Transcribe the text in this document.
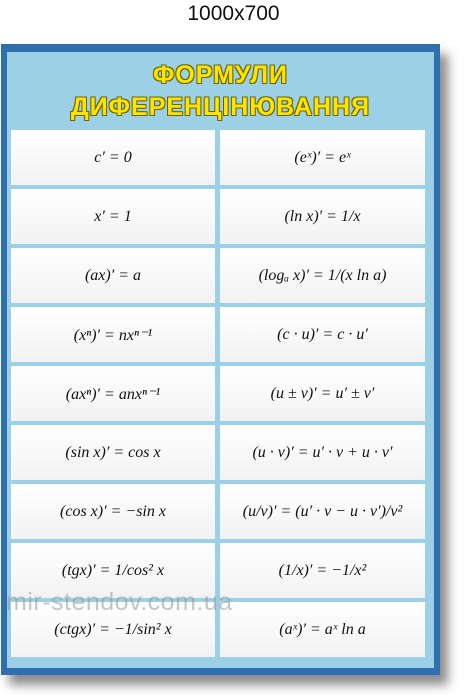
1000x700
ФОРМУЛИ
ДИФЕРЕНЦІНЮВАННЯ
c′ = 0	(eˣ)′ = eˣ
x′ = 1	(ln x)′ = 1/x
(ax)′ = a	(logₐ x)′ = 1/(x ln a)
(xⁿ)′ = nxⁿ⁻¹	(c · u)′ = c · u′
(axⁿ)′ = anxⁿ⁻¹	(u ± v)′ = u′ ± v′
(sin x)′ = cos x	(u · v)′ = u′ · v + u · v′
(cos x)′ = −sin x	(u/v)′ = (u′ · v − u · v′)/v²
(tgx)′ = 1/cos² x	(1/x)′ = −1/x²
(ctgx)′ = −1/sin² x	(aˣ)′ = aˣ ln a
mir-stendov.com.ua
